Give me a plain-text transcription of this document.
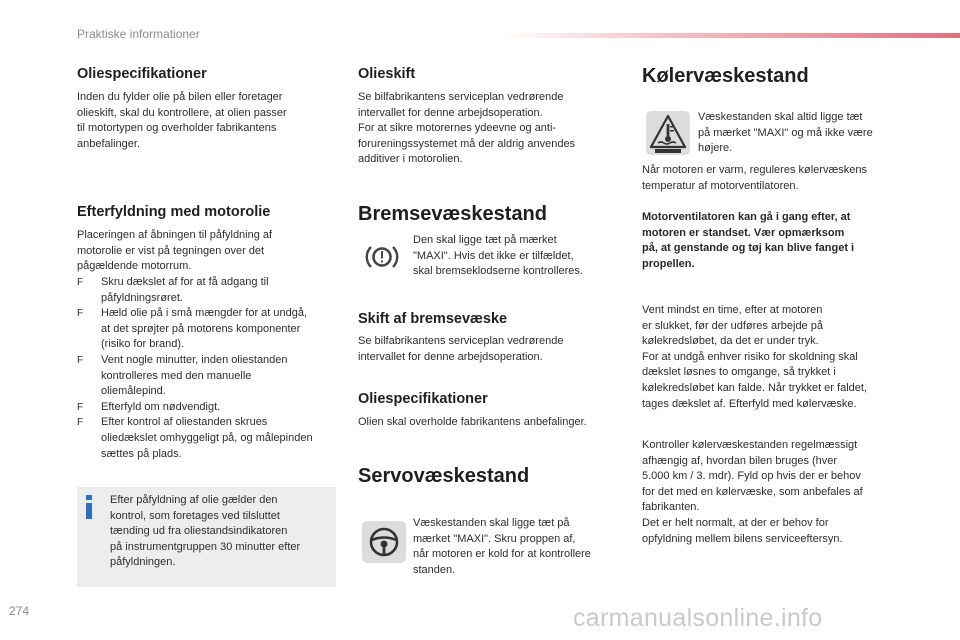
Praktiske informationer
Oliespecifikationer
Inden du fylder olie på bilen eller foretager
olieskift, skal du kontrollere, at olien passer
til motortypen og overholder fabrikantens
anbefalinger.
Efterfyldning med motorolie
Placeringen af åbningen til påfyldning af
motorolie er vist på tegningen over det
pågældende motorrum.
F Skru dækslet af for at få adgang til
påfyldningsrøret.
F Hæld olie på i små mængder for at undgå,
at det sprøjter på motorens komponenter
(risiko for brand).
F Vent nogle minutter, inden oliestanden
kontrolleres med den manuelle
oliemålepind.
F Efterfyld om nødvendigt.
F Efter kontrol af oliestanden skrues
oliedækslet omhyggeligt på, og målepinden
sættes på plads.
Efter påfyldning af olie gælder den
kontrol, som foretages ved tilsluttet
tænding ud fra oliestandsindikatoren
på instrumentgruppen 30 minutter efter
påfyldningen.
Olieskift
Se bilfabrikantens serviceplan vedrørende
intervallet for denne arbejdsoperation.
For at sikre motorernes ydeevne og anti-
forureningssystemet må der aldrig anvendes
additiver i motorolien.
Bremsevæskestand
Den skal ligge tæt på mærket
"MAXI". Hvis det ikke er tilfældet,
skal bremseklodserne kontrolleres.
Skift af bremsevæske
Se bilfabrikantens serviceplan vedrørende
intervallet for denne arbejdsoperation.
Oliespecifikationer
Olien skal overholde fabrikantens anbefalinger.
Servovæskestand
Væskestanden skal ligge tæt på
mærket "MAXI". Skru proppen af,
når motoren er kold for at kontrollere
standen.
Kølervæskestand
Væskestanden skal altid ligge tæt
på mærket "MAXI" og må ikke være
højere.
Når motoren er varm, reguleres kølervæskens
temperatur af motorventilatoren.
Motorventilatoren kan gå i gang efter, at
motoren er standset. Vær opmærksom
på, at genstande og tøj kan blive fanget i
propellen.
Vent mindst en time, efter at motoren
er slukket, før der udføres arbejde på
kølekredsløbet, da det er under tryk.
For at undgå enhver risiko for skoldning skal
dækslet løsnes to omgange, så trykket i
kølekredsløbet kan falde. Når trykket er faldet,
tages dækslet af. Efterfyld med kølervæske.
Kontroller kølervæskestanden regelmæssigt
afhængig af, hvordan bilen bruges (hver
5.000 km / 3. mdr). Fyld op hvis der er behov
for det med en kølervæske, som anbefales af
fabrikanten.
Det er helt normalt, at der er behov for
opfyldning mellem bilens serviceeftersyn.
274	carmanualsonline.info
